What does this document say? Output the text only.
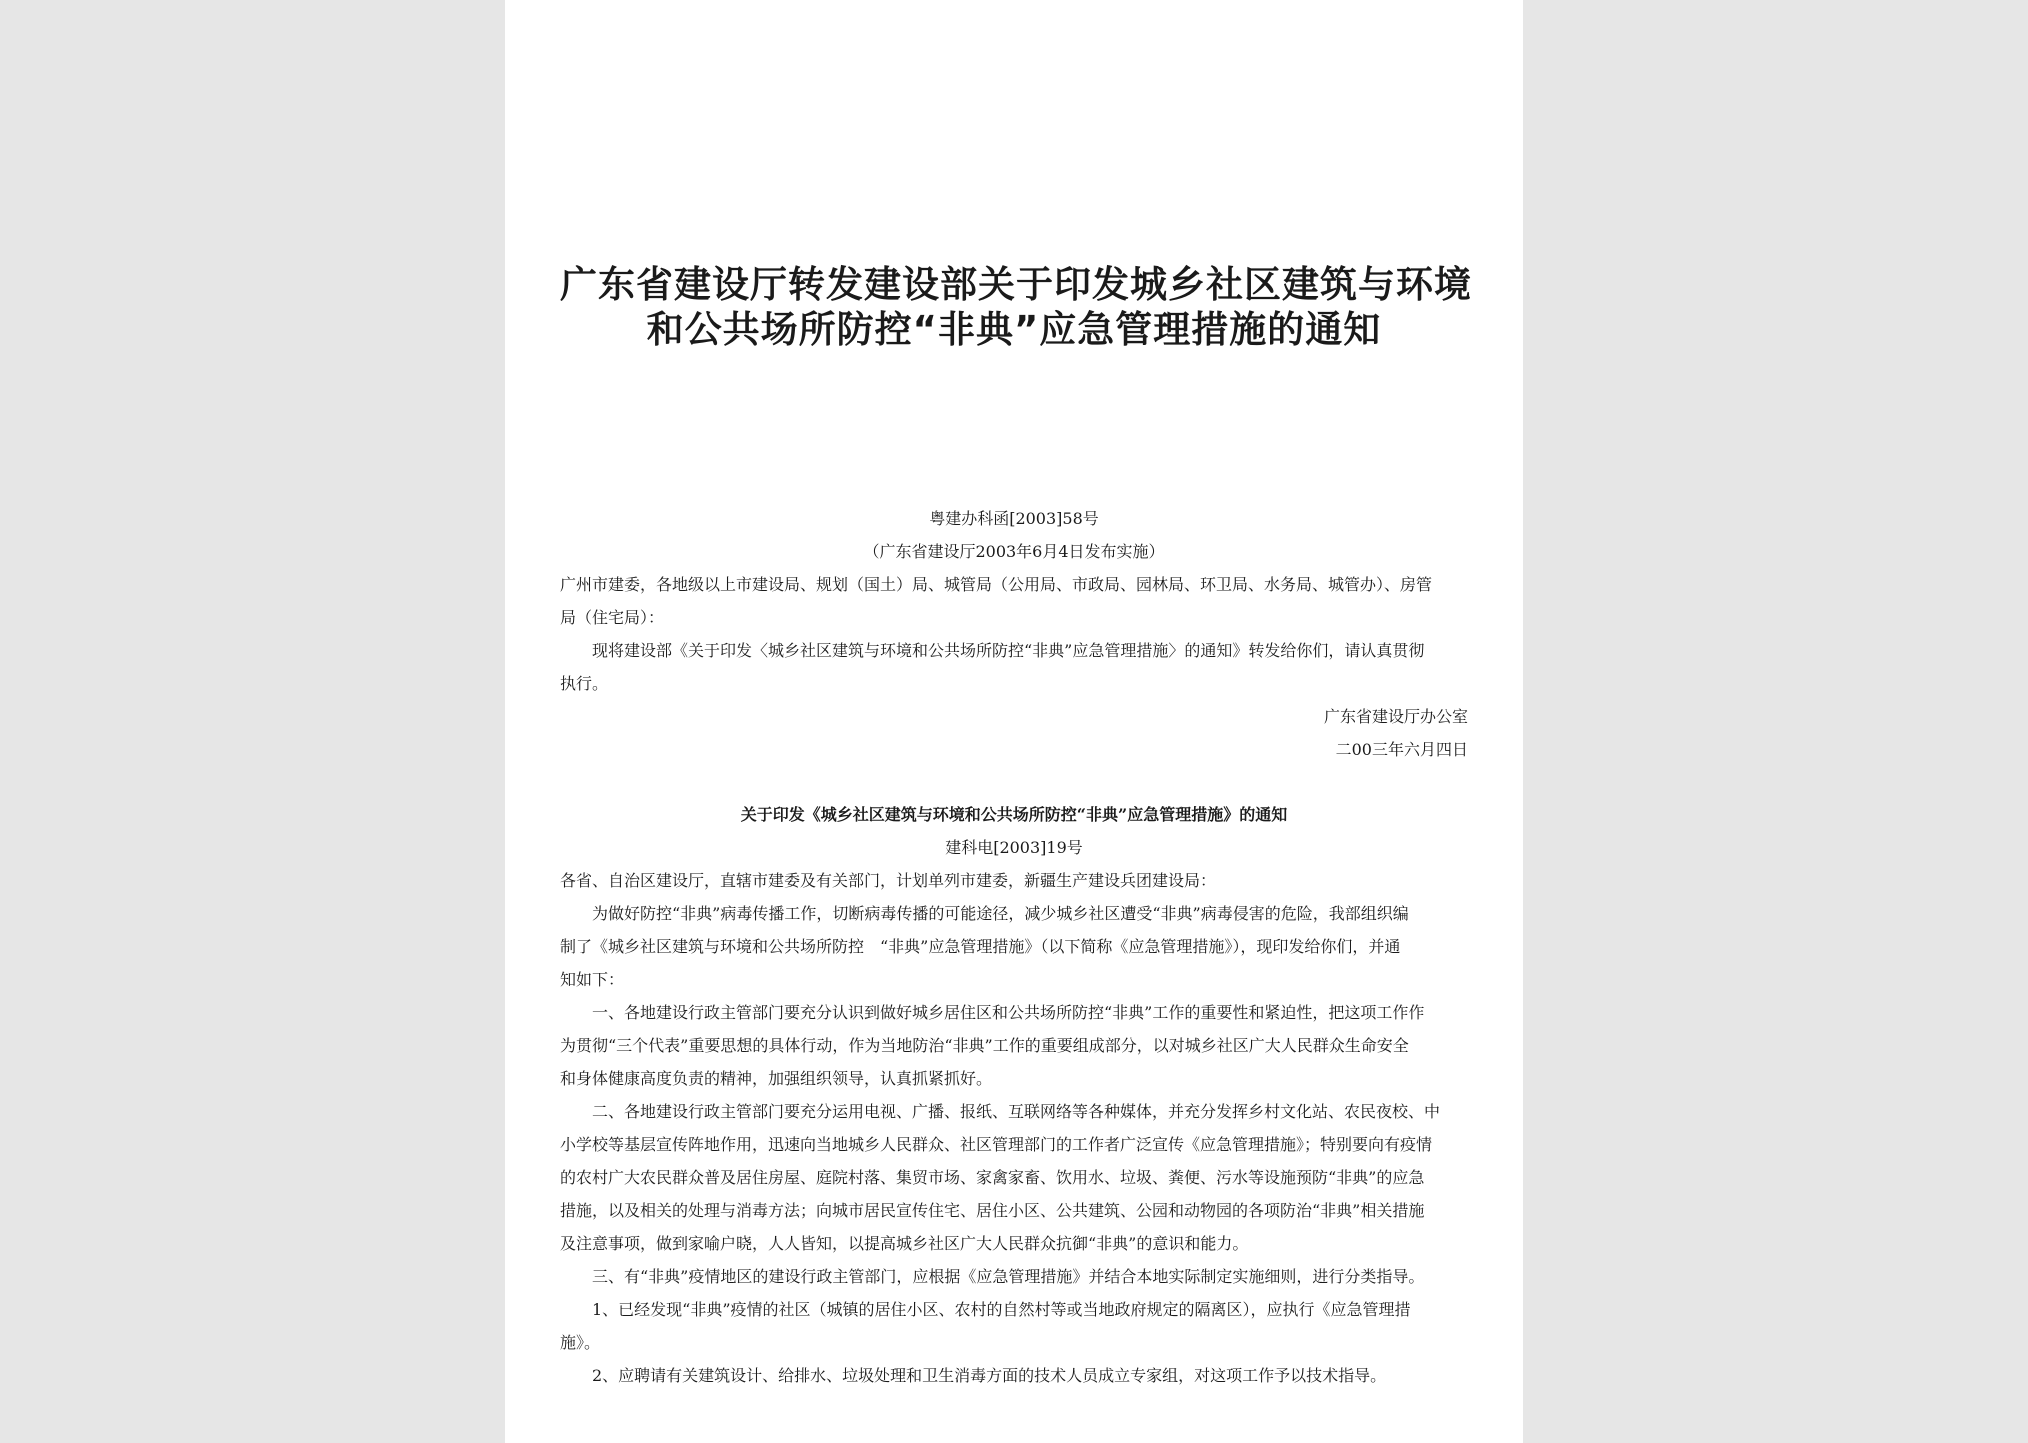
广东省建设厅转发建设部关于印发城乡社区建筑与环境
和公共场所防控“非典”应急管理措施的通知
粤建办科函[2003]58号
（广东省建设厅2003年6月4日发布实施）
广州市建委，各地级以上市建设局、规划（国土）局、城管局（公用局、市政局、园林局、环卫局、水务局、城管办）、房管
局（住宅局）：
现将建设部《关于印发〈城乡社区建筑与环境和公共场所防控“非典”应急管理措施〉的通知》转发给你们，请认真贯彻
执行。
广东省建设厅办公室
二00三年六月四日
关于印发《城乡社区建筑与环境和公共场所防控“非典”应急管理措施》的通知
建科电[2003]19号
各省、自治区建设厅，直辖市建委及有关部门，计划单列市建委，新疆生产建设兵团建设局：
为做好防控“非典”病毒传播工作，切断病毒传播的可能途径，减少城乡社区遭受“非典”病毒侵害的危险，我部组织编
制了《城乡社区建筑与环境和公共场所防控　“非典”应急管理措施》（以下简称《应急管理措施》），现印发给你们，并通
知如下：
一、各地建设行政主管部门要充分认识到做好城乡居住区和公共场所防控“非典”工作的重要性和紧迫性，把这项工作作
为贯彻“三个代表”重要思想的具体行动，作为当地防治“非典”工作的重要组成部分，以对城乡社区广大人民群众生命安全
和身体健康高度负责的精神，加强组织领导，认真抓紧抓好。
二、各地建设行政主管部门要充分运用电视、广播、报纸、互联网络等各种媒体，并充分发挥乡村文化站、农民夜校、中
小学校等基层宣传阵地作用，迅速向当地城乡人民群众、社区管理部门的工作者广泛宣传《应急管理措施》；特别要向有疫情
的农村广大农民群众普及居住房屋、庭院村落、集贸市场、家禽家畜、饮用水、垃圾、粪便、污水等设施预防“非典”的应急
措施，以及相关的处理与消毒方法；向城市居民宣传住宅、居住小区、公共建筑、公园和动物园的各项防治“非典”相关措施
及注意事项，做到家喻户晓，人人皆知，以提高城乡社区广大人民群众抗御“非典”的意识和能力。
三、有“非典”疫情地区的建设行政主管部门，应根据《应急管理措施》并结合本地实际制定实施细则，进行分类指导。
1、已经发现“非典”疫情的社区（城镇的居住小区、农村的自然村等或当地政府规定的隔离区），应执行《应急管理措
施》。
2、应聘请有关建筑设计、给排水、垃圾处理和卫生消毒方面的技术人员成立专家组，对这项工作予以技术指导。
